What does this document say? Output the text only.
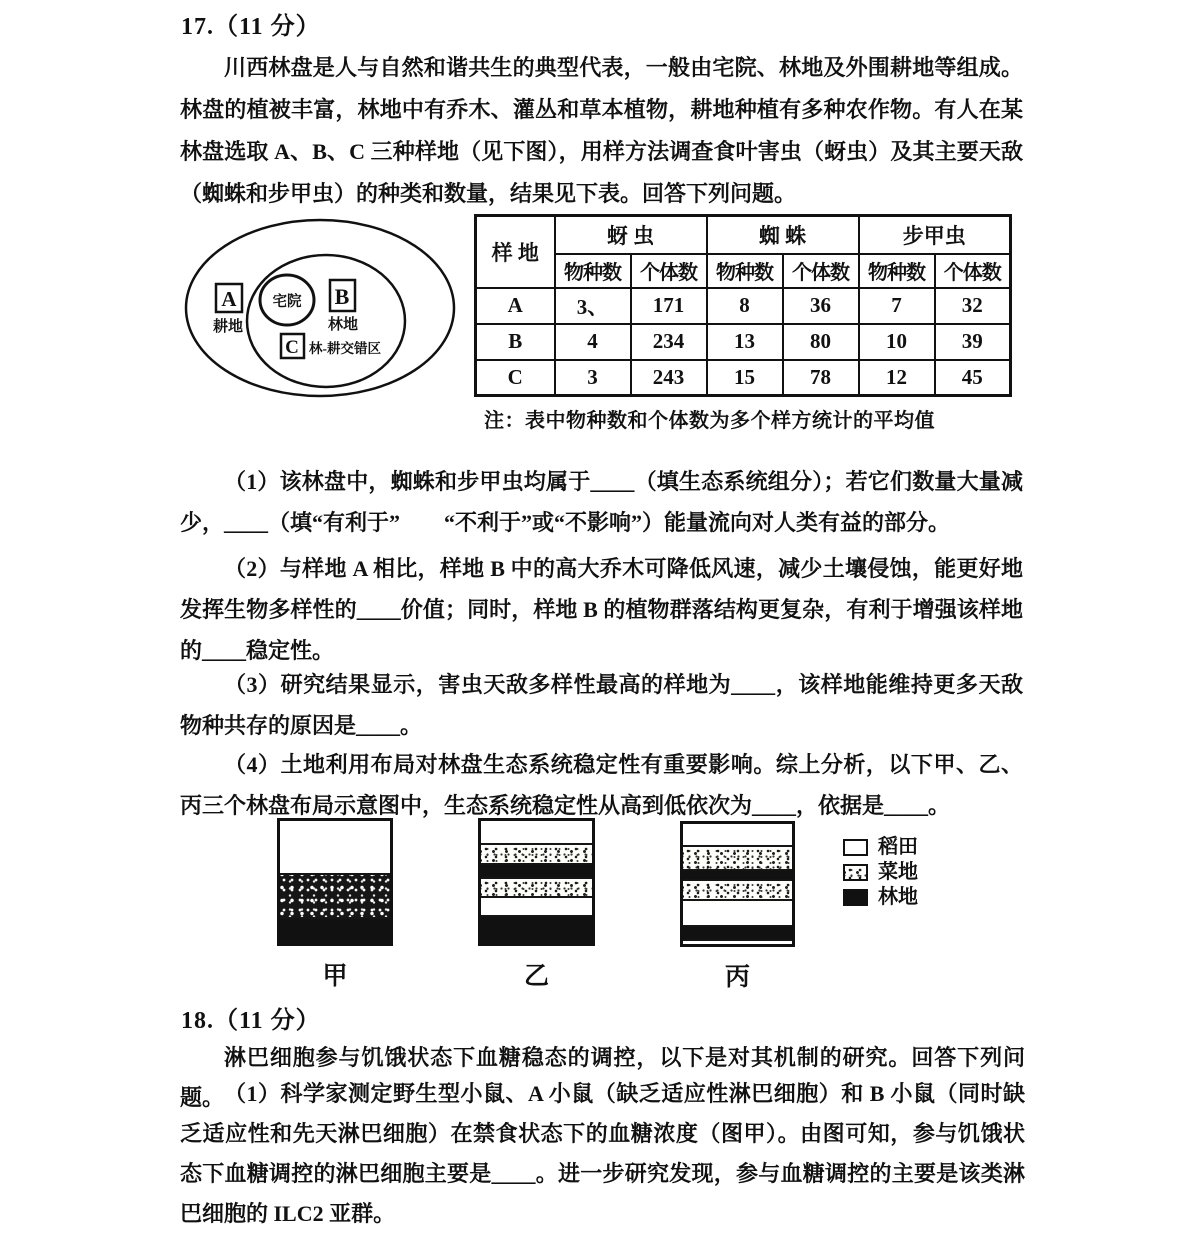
17.（11 分）

川西林盘是人与自然和谐共生的典型代表，一般由宅院、林地及外围耕地等组成。林盘的植被丰富，林地中有乔木、灌丛和草本植物，耕地种植有多种农作物。有人在某林盘选取 A、B、C 三种样地（见下图），用样方法调查食叶害虫（蚜虫）及其主要天敌（蜘蛛和步甲虫）的种类和数量，结果见下表。回答下列问题。

A
耕地
宅院 B
林地
C 林-耕交错区
样 地	蚜 虫		蜘 蛛		步甲虫	
	物种数	个体数	物种数	个体数	物种数	个体数
A	3、	171	8	36	7	32
B	4	234	13	80	10	39
C	3	243	15	78	12	45
注：表中物种数和个体数为多个样方统计的平均值

（1）该林盘中，蜘蛛和步甲虫均属于____（填生态系统组分）；若它们数量大量减少，____（填“有利于”　　“不利于”或“不影响”）能量流向对人类有益的部分。

（2）与样地 A 相比，样地 B 中的高大乔木可降低风速，减少土壤侵蚀，能更好地发挥生物多样性的____价值；同时，样地 B 的植物群落结构更复杂，有利于增强该样地的____稳定性。

（3）研究结果显示，害虫天敌多样性最高的样地为____，该样地能维持更多天敌物种共存的原因是____。

（4）土地利用布局对林盘生态系统稳定性有重要影响。综上分析，以下甲、乙、丙三个林盘布局示意图中，生态系统稳定性从高到低依次为____，依据是____。

甲	乙	丙
稻田
菜地
林地
18.（11 分）

淋巴细胞参与饥饿状态下血糖稳态的调控，以下是对其机制的研究。回答下列问题。 （1）科学家测定野生型小鼠、A 小鼠（缺乏适应性淋巴细胞）和 B 小鼠（同时缺乏适应性和先天淋巴细胞）在禁食状态下的血糖浓度（图甲）。由图可知，参与饥饿状态下血糖调控的淋巴细胞主要是____。进一步研究发现，参与血糖调控的主要是该类淋巴细胞的 ILC2 亚群。
